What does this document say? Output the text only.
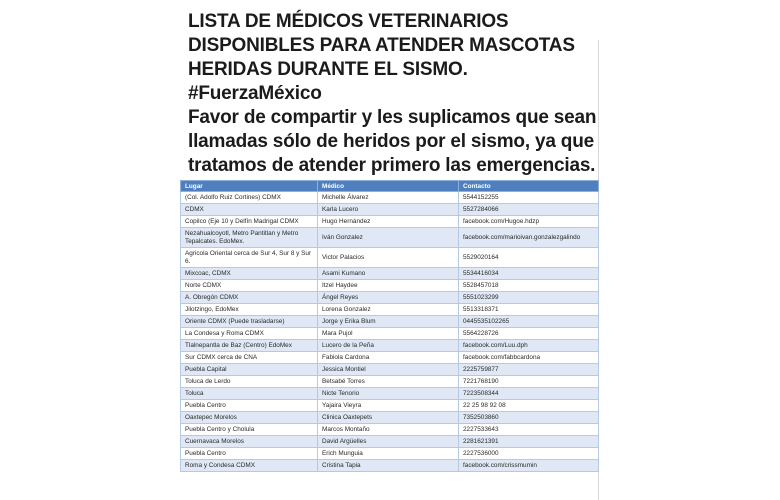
LISTA DE MÉDICOS VETERINARIOS DISPONIBLES PARA ATENDER MASCOTAS HERIDAS DURANTE EL SISMO. #FuerzaMéxico

Favor de compartir y les suplicamos que sean llamadas sólo de heridos por el sismo, ya que tratamos de atender primero las emergencias.

Lugar	Médico	Contacto
(Col. Adolfo Ruiz Cortines) CDMX	Michelle Álvarez	5544152255
CDMX	Karla Lucero	5527284066
Copilco (Eje 10 y Delfín Madrigal CDMX	Hugo Hernández	facebook.com/Hugoe.hdzp
Nezahualcoyotl, Metro Pantitlan y Metro Tepalcates. EdoMex.	Iván Gonzalez	facebook.com/marioivan.gonzalezgalindo
Agricola Oriental cerca de Sur 4, Sur 8 y Sur 6.	Victor Palacios	5529020164
Mixcoac, CDMX	Asami Kumano	5534416034
Norte CDMX	Itzel Haydee	5528457018
A. Obregón CDMX	Ángel Reyes	5551023299
Jilotzingo, EdoMex	Lorena Gonzalez	5513318371
Oriente CDMX (Puede trasladarse)	Jorge y Erika Blum	0445535102265
La Condesa y Roma CDMX	Mara Pujol	5564228726
Tlalnepantla de Baz (Centro) EdoMex	Lucero de la Peña	facebook.com/Luu.dph
Sur CDMX cerca de CNA	Fabiola Cardona	facebook.com/fabbcardona
Puebla Capital	Jessica Montiel	2225759877
Toluca de Lerdo	Betsabé Torres	7221768190
Toluca	Nicte Tenorio	7223508344
Puebla Centro	Yajaira Vieyra	22 25 98 92 08
Oaxtepec Morelos	Clinica Oaxtepets	7352503860
Puebla Centro y Cholula	Marcos Montaño	2227533643
Cuernavaca Morelos	David Argüelles	2281621391
Puebla Centro	Erich Munguia	2227536000
Roma y Condesa CDMX	Cristina Tapia	facebook.com/crissmumin
